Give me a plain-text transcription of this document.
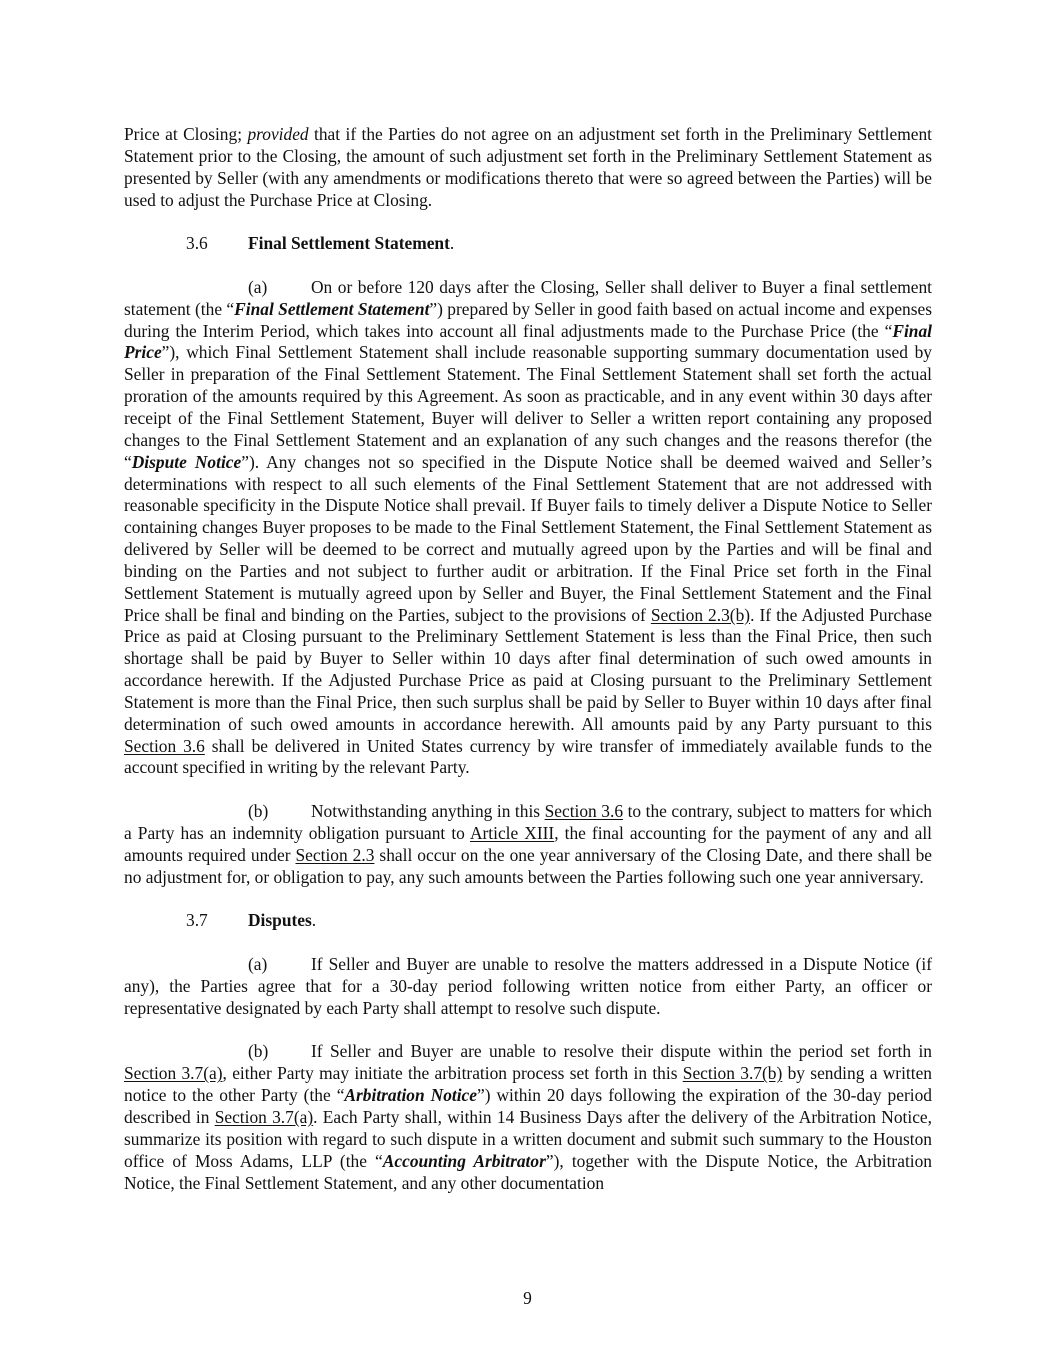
Price at Closing; provided that if the Parties do not agree on an adjustment set forth in the Preliminary Settlement Statement prior to the Closing, the amount of such adjustment set forth in the Preliminary Settlement Statement as presented by Seller (with any amendments or modifications thereto that were so agreed between the Parties) will be used to adjust the Purchase Price at Closing.

3.6 Final Settlement Statement.

(a)	On or before 120 days after the Closing, Seller shall deliver to Buyer a final settlement statement (the “Final Settlement Statement”) prepared by Seller in good faith based on actual income and expenses during the Interim Period, which takes into account all final adjustments made to the Purchase Price (the “Final Price”), which Final Settlement Statement shall include reasonable supporting summary documentation used by Seller in preparation of the Final Settlement Statement. The Final Settlement Statement shall set forth the actual proration of the amounts required by this Agreement. As soon as practicable, and in any event within 30 days after receipt of the Final Settlement Statement, Buyer will deliver to Seller a written report containing any proposed changes to the Final Settlement Statement and an explanation of any such changes and the reasons therefor (the “Dispute Notice”). Any changes not so specified in the Dispute Notice shall be deemed waived and Seller’s determinations with respect to all such elements of the Final Settlement Statement that are not addressed with reasonable specificity in the Dispute Notice shall prevail. If Buyer fails to timely deliver a Dispute Notice to Seller containing changes Buyer proposes to be made to the Final Settlement Statement, the Final Settlement Statement as delivered by Seller will be deemed to be correct and mutually agreed upon by the Parties and will be final and binding on the Parties and not subject to further audit or arbitration. If the Final Price set forth in the Final Settlement Statement is mutually agreed upon by Seller and Buyer, the Final Settlement Statement and the Final Price shall be final and binding on the Parties, subject to the provisions of Section 2.3(b). If the Adjusted Purchase Price as paid at Closing pursuant to the Preliminary Settlement Statement is less than the Final Price, then such shortage shall be paid by Buyer to Seller within 10 days after final determination of such owed amounts in accordance herewith. If the Adjusted Purchase Price as paid at Closing pursuant to the Preliminary Settlement Statement is more than the Final Price, then such surplus shall be paid by Seller to Buyer within 10 days after final determination of such owed amounts in accordance herewith. All amounts paid by any Party pursuant to this Section 3.6 shall be delivered in United States currency by wire transfer of immediately available funds to the account specified in writing by the relevant Party.

(b) Notwithstanding anything in this Section 3.6 to the contrary, subject to matters for which a Party has an indemnity obligation pursuant to Article XIII, the final accounting for the payment of any and all amounts required under Section 2.3 shall occur on the one year anniversary of the Closing Date, and there shall be no adjustment for, or obligation to pay, any such amounts between the Parties following such one year anniversary.

3.7 Disputes.

(a)	If Seller and Buyer are unable to resolve the matters addressed in a Dispute Notice (if any), the Parties agree that for a 30-day period following written notice from either Party, an officer or representative designated by each Party shall attempt to resolve such dispute.

(b) If Seller and Buyer are unable to resolve their dispute within the period set forth in Section 3.7(a), either Party may initiate the arbitration process set forth in this Section 3.7(b) by sending a written notice to the other Party (the “Arbitration Notice”) within 20 days following the expiration of the 30-day period described in Section 3.7(a). Each Party shall, within 14 Business Days after the delivery of the Arbitration Notice, summarize its position with regard to such dispute in a written document and submit such summary to the Houston office of Moss Adams, LLP (the “Accounting Arbitrator”), together with the Dispute Notice, the Arbitration Notice, the Final Settlement Statement, and any other documentation

9
